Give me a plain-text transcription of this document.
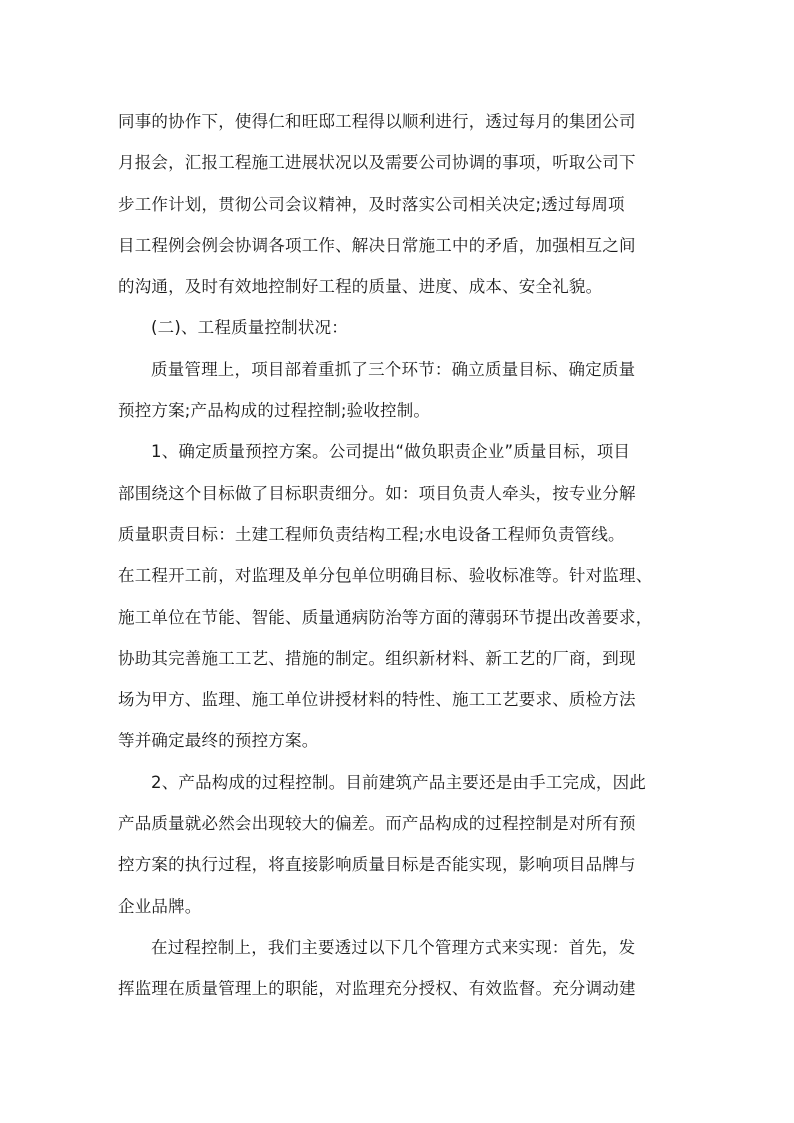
同事的协作下，使得仁和旺邸工程得以顺利进行，透过每月的集团公司
月报会，汇报工程施工进展状况以及需要公司协调的事项，听取公司下
步工作计划，贯彻公司会议精神，及时落实公司相关决定;透过每周项
目工程例会例会协调各项工作、解决日常施工中的矛盾，加强相互之间
的沟通，及时有效地控制好工程的质量、进度、成本、安全礼貌。
(二)、工程质量控制状况：
质量管理上，项目部着重抓了三个环节：确立质量目标、确定质量
预控方案;产品构成的过程控制;验收控制。
1、确定质量预控方案。公司提出“做负职责企业”质量目标，项目
部围绕这个目标做了目标职责细分。如：项目负责人牵头，按专业分解
质量职责目标：土建工程师负责结构工程;水电设备工程师负责管线。
在工程开工前，对监理及单分包单位明确目标、验收标准等。针对监理、
施工单位在节能、智能、质量通病防治等方面的薄弱环节提出改善要求，
协助其完善施工工艺、措施的制定。组织新材料、新工艺的厂商，到现
场为甲方、监理、施工单位讲授材料的特性、施工工艺要求、质检方法
等并确定最终的预控方案。
2、产品构成的过程控制。目前建筑产品主要还是由手工完成，因此
产品质量就必然会出现较大的偏差。而产品构成的过程控制是对所有预
控方案的执行过程，将直接影响质量目标是否能实现，影响项目品牌与
企业品牌。
在过程控制上，我们主要透过以下几个管理方式来实现：首先，发
挥监理在质量管理上的职能，对监理充分授权、有效监督。充分调动建
